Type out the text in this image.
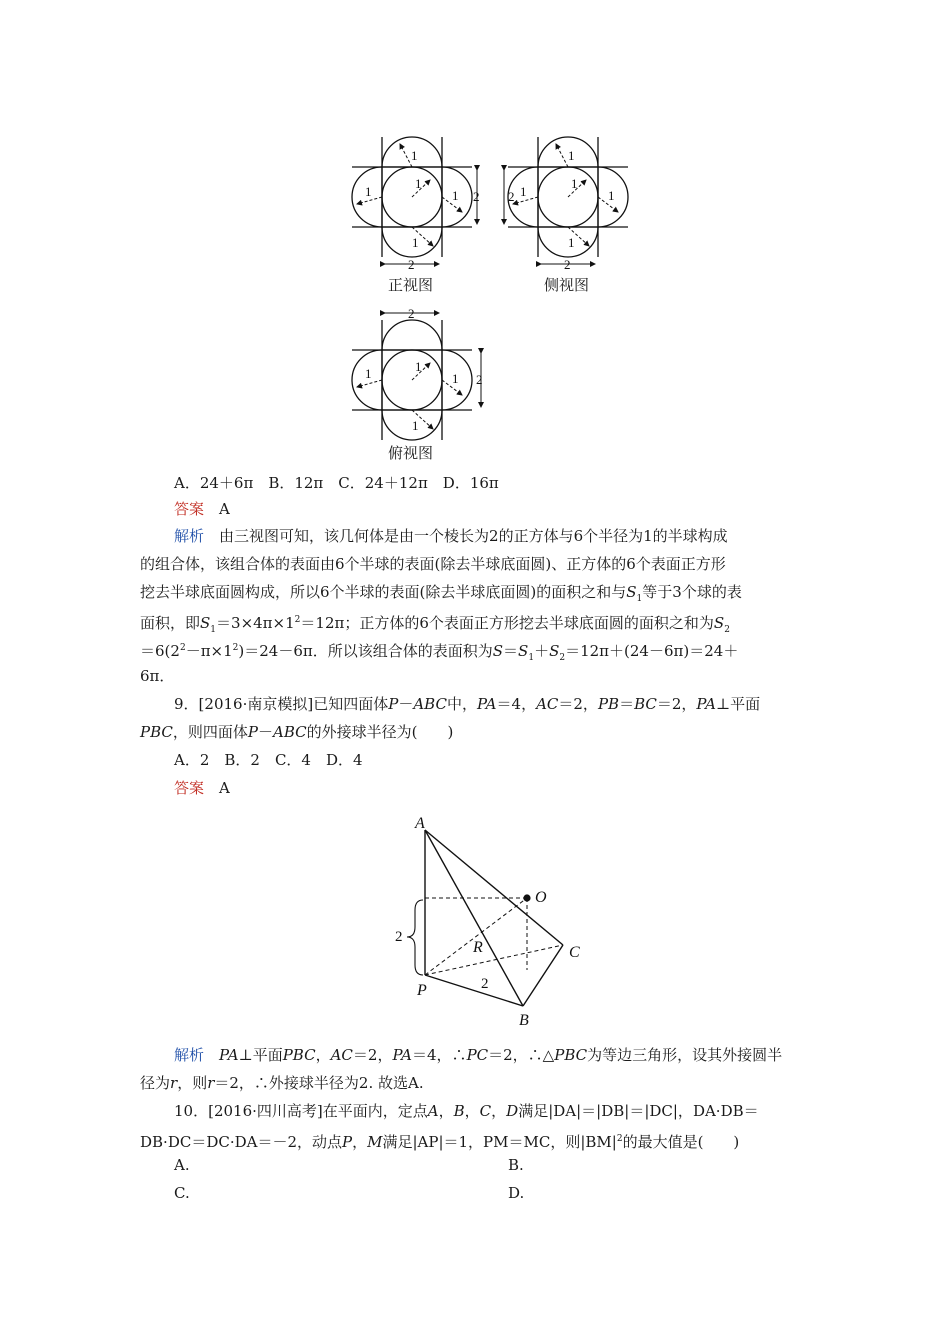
1
1
1
1
1
1
1
1
1
1
1	1
1
1
2 2
2	2
2
2
正视图	侧视图
俯视图
A．24＋6π　B．12π　C．24＋12π　D．16π
答案　 A
解析　 由三视图可知，该几何体是由一个棱长为2的正方体与6个半径为1的半球构成
的组合体，该组合体的表面由6个半球的表面(除去半球底面圆)、正方体的6个表面正方形
挖去半球底面圆构成，所以6个半球的表面(除去半球底面圆)的面积之和与$S_1$等于3个球的表
面积，即$S_1=3\times 4\pi\times 1^2=12\pi$；正方体的6个表面正方形挖去半球底面圆的面积之和为$S_2$
$=6(2^2-\pi\times 1^2)=24-6\pi$．所以该组合体的表面积为$S=S_1+S_2=12\pi+(24-6\pi)=24+$
6π．
9．[2016·南京模拟]已知四面体P－ABC中，PA＝4，AC＝2，PB＝BC＝2，PA⊥平面
PBC，则四面体P－ABC的外接球半径为(　　)
A．2　B．2　C．4　D．4
答案　 A
A
O
R	C
P
B
2
2
解析　 PA⊥平面PBC，AC＝2，PA＝4，∴PC＝2，∴△PBC为等边三角形，设其外接圆半
径为r，则r＝2，∴外接球半径为2. 故选A.
10．[2016·四川高考]在平面内，定点A，B，C，D满足|DA|＝|DB|＝|DC|，DA·DB＝
DB·DC＝DC·DA＝－2，动点P，M满足|AP|＝1，PM＝MC，则$|BM|^2$的最大值是(　　)
A.	B.
C.	D.
